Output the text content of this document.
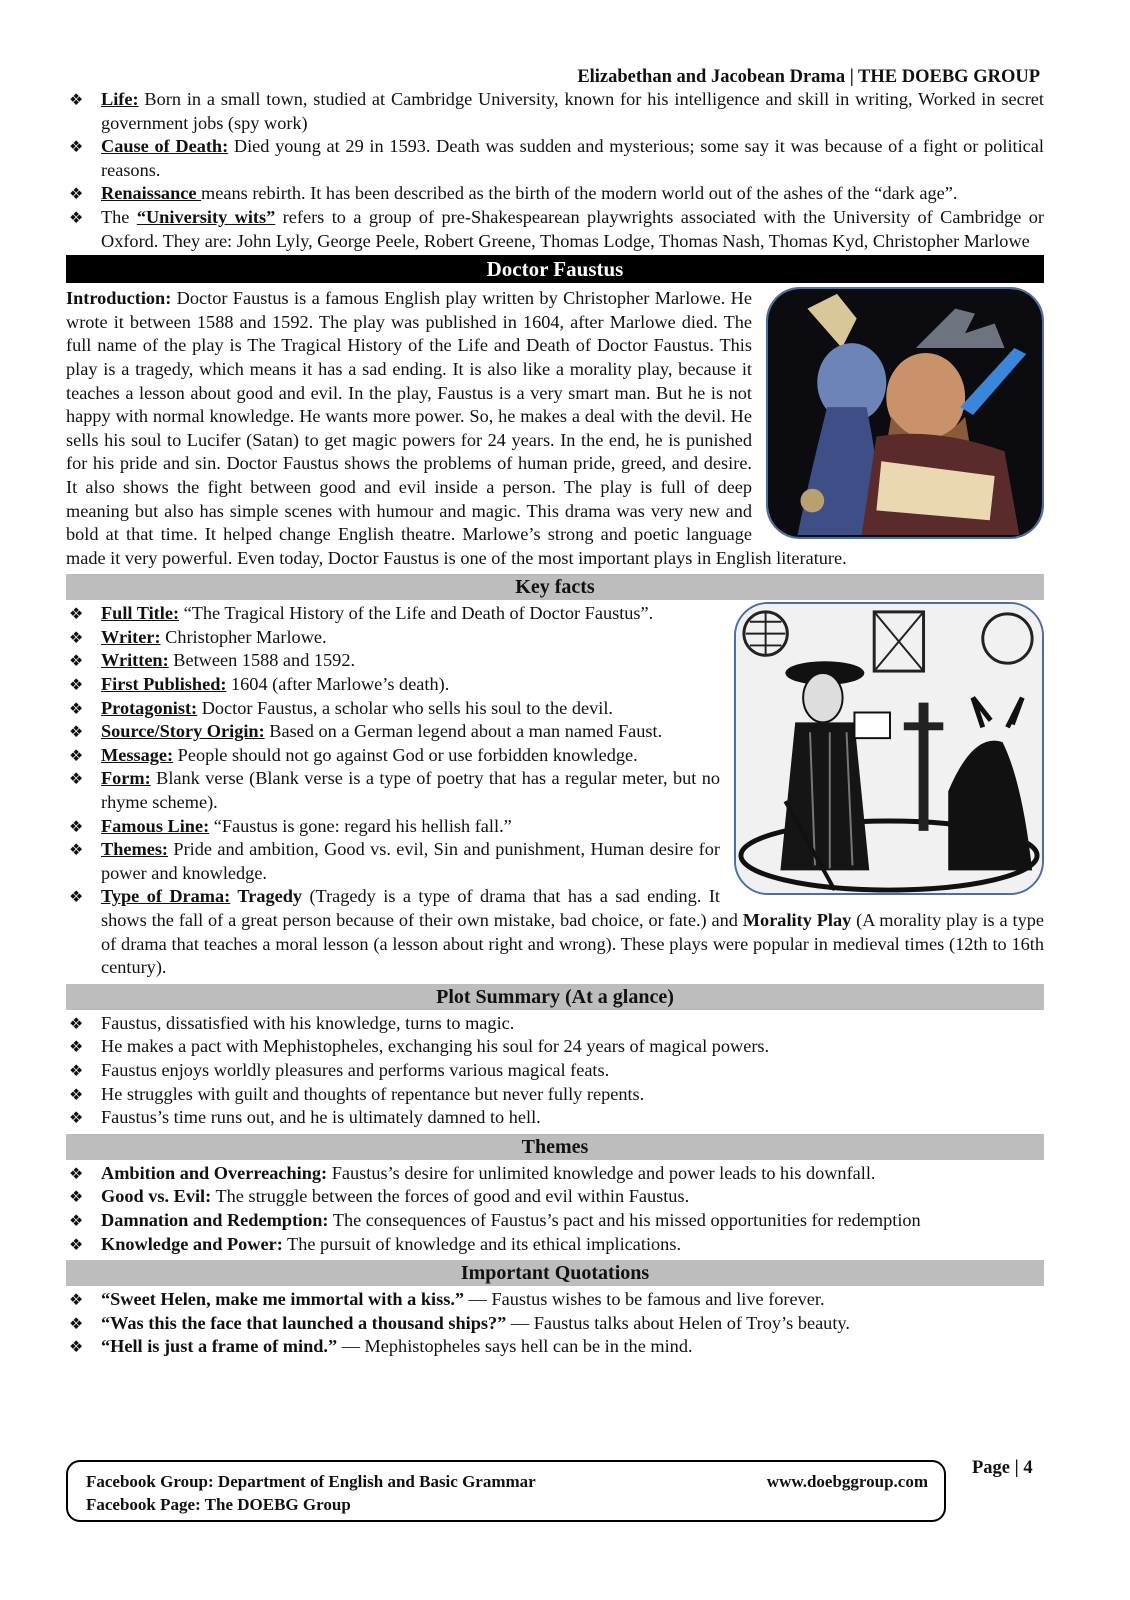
Elizabethan and Jacobean Drama | THE DOEBG GROUP
❖ Life: Born in a small town, studied at Cambridge University, known for his intelligence and skill in writing, Worked in secret government jobs (spy work)
❖ Cause of Death: Died young at 29 in 1593. Death was sudden and mysterious; some say it was because of a fight or political reasons.
❖ Renaissance means rebirth. It has been described as the birth of the modern world out of the ashes of the “dark age”.
❖ The “University wits” refers to a group of pre-Shakespearean playwrights associated with the University of Cambridge or Oxford. They are: John Lyly, George Peele, Robert Greene, Thomas Lodge, Thomas Nash, Thomas Kyd, Christopher Marlowe
Doctor Faustus
Introduction: Doctor Faustus is a famous English play written by Christopher Marlowe. He wrote it between 1588 and 1592. The play was published in 1604, after Marlowe died. The full name of the play is The Tragical History of the Life and Death of Doctor Faustus. This play is a tragedy, which means it has a sad ending. It is also like a morality play, because it teaches a lesson about good and evil. In the play, Faustus is a very smart man. But he is not happy with normal knowledge. He wants more power. So, he makes a deal with the devil. He sells his soul to Lucifer (Satan) to get magic powers for 24 years. In the end, he is punished for his pride and sin. Doctor Faustus shows the problems of human pride, greed, and desire. It also shows the fight between good and evil inside a person. The play is full of deep meaning but also has simple scenes with humour and magic. This drama was very new and bold at that time. It helped change English theatre. Marlowe’s strong and poetic language made it very powerful. Even today, Doctor Faustus is one of the most important plays in English literature.
Key facts
❖ Full Title: “The Tragical History of the Life and Death of Doctor Faustus”.
❖ Writer: Christopher Marlowe.
❖ Written: Between 1588 and 1592.
❖ First Published: 1604 (after Marlowe’s death).
❖ Protagonist: Doctor Faustus, a scholar who sells his soul to the devil.
❖ Source/Story Origin: Based on a German legend about a man named Faust.
❖ Message: People should not go against God or use forbidden knowledge.
❖ Form: Blank verse (Blank verse is a type of poetry that has a regular meter, but no rhyme scheme).
❖ Famous Line: “Faustus is gone: regard his hellish fall.”
❖ Themes: Pride and ambition, Good vs. evil, Sin and punishment, Human desire for power and knowledge.
❖ Type of Drama: Tragedy (Tragedy is a type of drama that has a sad ending. It shows the fall of a great person because of their own mistake, bad choice, or fate.) and Morality Play (A morality play is a type of drama that teaches a moral lesson (a lesson about right and wrong). These plays were popular in medieval times (12th to 16th century).
Plot Summary (At a glance)
❖ Faustus, dissatisfied with his knowledge, turns to magic.
❖ He makes a pact with Mephistopheles, exchanging his soul for 24 years of magical powers.
❖ Faustus enjoys worldly pleasures and performs various magical feats.
❖ He struggles with guilt and thoughts of repentance but never fully repents.
❖ Faustus’s time runs out, and he is ultimately damned to hell.
Themes
❖ Ambition and Overreaching: Faustus’s desire for unlimited knowledge and power leads to his downfall.
❖ Good vs. Evil: The struggle between the forces of good and evil within Faustus.
❖ Damnation and Redemption: The consequences of Faustus’s pact and his missed opportunities for redemption
❖ Knowledge and Power: The pursuit of knowledge and its ethical implications.
Important Quotations
❖ “Sweet Helen, make me immortal with a kiss.” — Faustus wishes to be famous and live forever.
❖ “Was this the face that launched a thousand ships?” — Faustus talks about Helen of Troy’s beauty.
❖ “Hell is just a frame of mind.” — Mephistopheles says hell can be in the mind.
Facebook Group: Department of English and Basic Grammar
Facebook Page: The DOEBG Group
www.doebggroup.com
Page | 4
